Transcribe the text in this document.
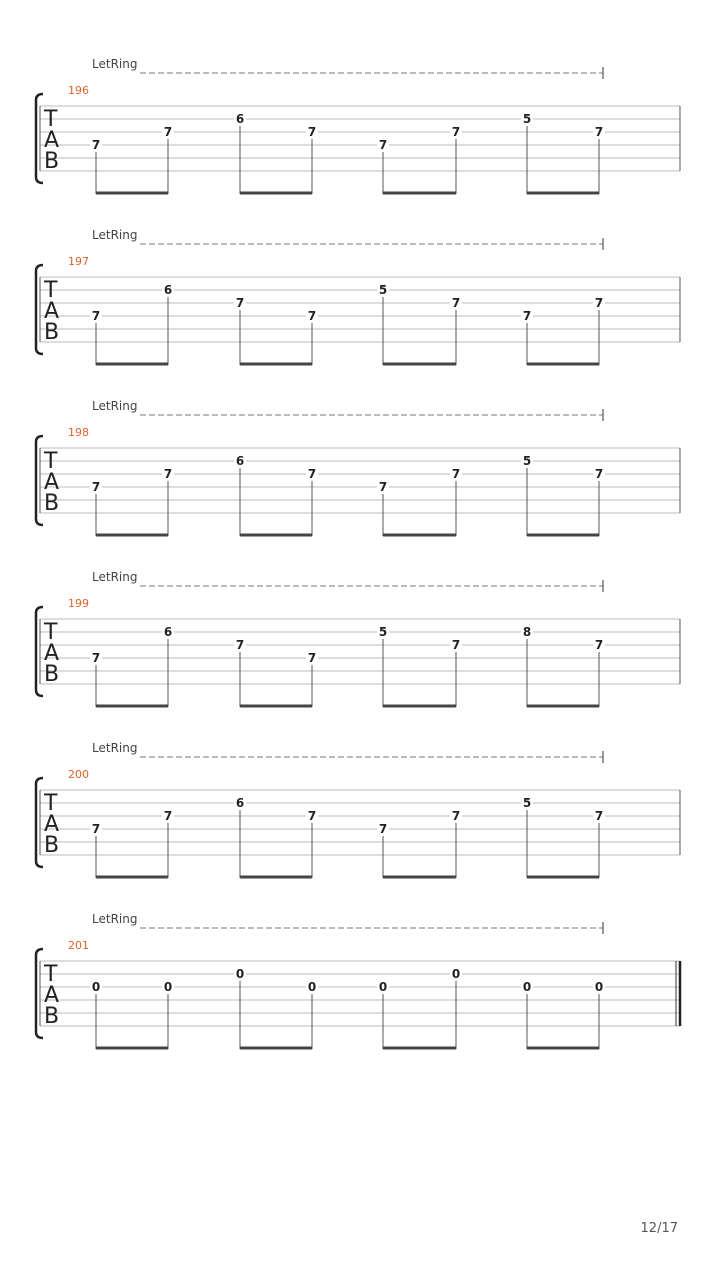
LetRing
196
T
A
B
7
7
6
7
7
7
5
7
LetRing
197
T
A
B
7
6
7
7
5
7
7
7
LetRing
198
T
A
B
7
7
6
7
7
7
5
7
LetRing
199
T
A
B
7
6
7
7
5
7
8
7
LetRing
200
T
A
B
7
7
6
7
7
7
5
7
LetRing
201
T
A
B
0	0
0
0	0
0
0	0
12/17
